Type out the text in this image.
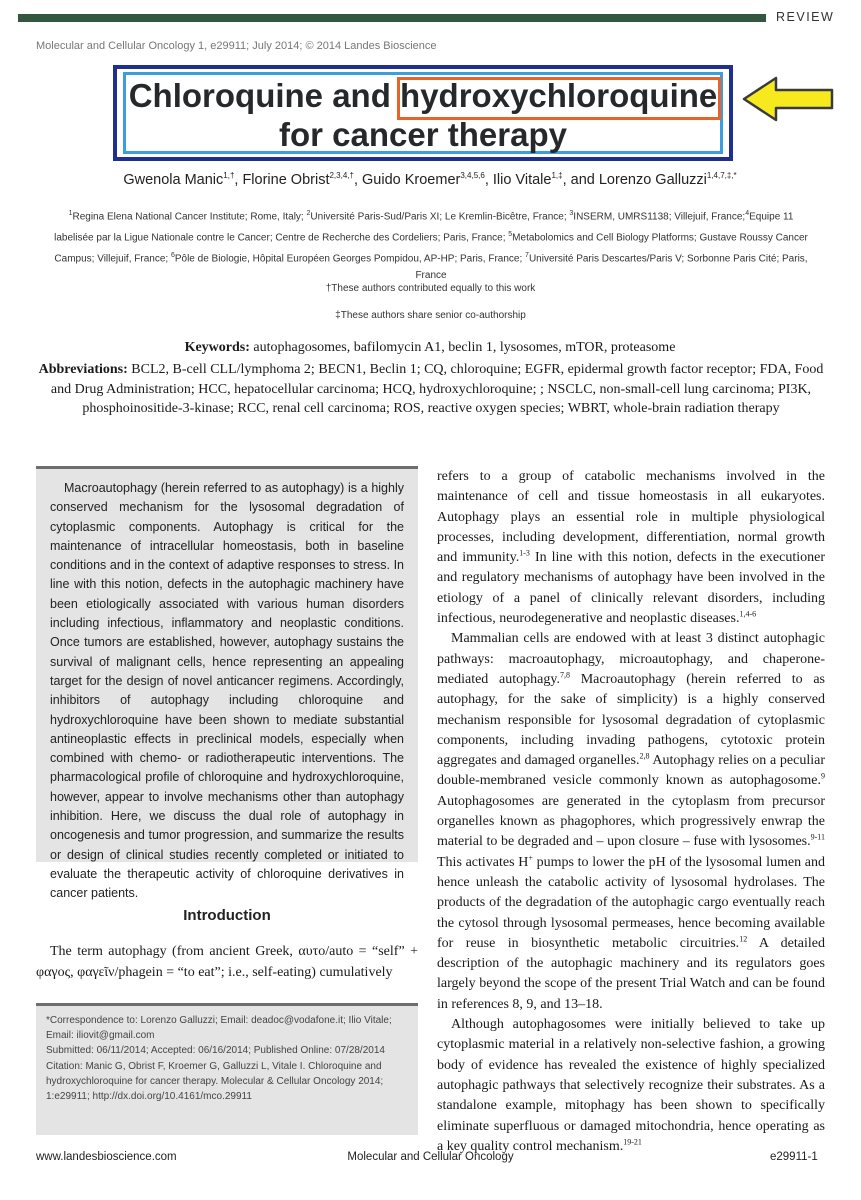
REVIEW
Molecular and Cellular Oncology 1, e29911; July 2014; © 2014 Landes Bioscience
Chloroquine and hydroxychloroquine
for cancer therapy
Gwenola Manic$^{1,\dagger}$, Florine Obrist$^{2,3,4,\dagger}$, Guido Kroemer$^{3,4,5,6}$, Ilio Vitale$^{1,\ddagger}$, and Lorenzo Galluzzi$^{1,4,7,\ddagger,*}$
$^1$Regina Elena National Cancer Institute; Rome, Italy; $^2$Université Paris-Sud/Paris XI; Le Kremlin-Bicêtre, France; $^3$INSERM, UMRS1138; Villejuif, France;$^4$Equipe 11 labelisée par la Ligue Nationale contre le Cancer; Centre de Recherche des Cordeliers; Paris, France; $^5$Metabolomics and Cell Biology Platforms; Gustave Roussy Cancer Campus; Villejuif, France; $^6$Pôle de Biologie, Hôpital Européen Georges Pompidou, AP-HP; Paris, France; $^7$Université Paris Descartes/Paris V; Sorbonne Paris Cité; Paris, France
†These authors contributed equally to this work
‡These authors share senior co-authorship
Keywords: autophagosomes, bafilomycin A1, beclin 1, lysosomes, mTOR, proteasome
Abbreviations: BCL2, B-cell CLL/lymphoma 2; BECN1, Beclin 1; CQ, chloroquine; EGFR, epidermal growth factor receptor; FDA, Food and Drug Administration; HCC, hepatocellular carcinoma; HCQ, hydroxychloroquine; ; NSCLC, non-small-cell lung carcinoma; PI3K, phosphoinositide-3-kinase; RCC, renal cell carcinoma; ROS, reactive oxygen species; WBRT, whole-brain radiation therapy
Macroautophagy (herein referred to as autophagy) is a highly conserved mechanism for the lysosomal degradation of cytoplasmic components. Autophagy is critical for the maintenance of intracellular homeostasis, both in baseline conditions and in the context of adaptive responses to stress. In line with this notion, defects in the autophagic machinery have been etiologically associated with various human disorders including infectious, inflammatory and neoplastic conditions. Once tumors are established, however, autophagy sustains the survival of malignant cells, hence representing an appealing target for the design of novel anticancer regimens. Accordingly, inhibitors of autophagy including chloroquine and hydroxychloroquine have been shown to mediate substantial antineoplastic effects in preclinical models, especially when combined with chemo- or radiotherapeutic interventions. The pharmacological profile of chloroquine and hydroxychloroquine, however, appear to involve mechanisms other than autophagy inhibition. Here, we discuss the dual role of autophagy in oncogenesis and tumor progression, and summarize the results or design of clinical studies recently completed or initiated to evaluate the therapeutic activity of chloroquine derivatives in cancer patients.
Introduction
The term autophagy (from ancient Greek, αυτο/auto = “self” + φαγος, φαγεῖν/phagein = “to eat”; i.e., self-eating) cumulatively
*Correspondence to: Lorenzo Galluzzi; Email: deadoc@vodafone.it; Ilio Vitale; Email: iliovit@gmail.com
Submitted: 06/11/2014; Accepted: 06/16/2014; Published Online: 07/28/2014
Citation: Manic G, Obrist F, Kroemer G, Galluzzi L, Vitale I. Chloroquine and hydroxychloroquine for cancer therapy. Molecular & Cellular Oncology 2014; 1:e29911; http://dx.doi.org/10.4161/mco.29911

refers to a group of catabolic mechanisms involved in the maintenance of cell and tissue homeostasis in all eukaryotes. Autophagy plays an essential role in multiple physiological processes, including development, differentiation, normal growth and immunity.$^{1-3}$ In line with this notion, defects in the executioner and regulatory mechanisms of autophagy have been involved in the etiology of a panel of clinically relevant disorders, including infectious, neurodegenerative and neoplastic diseases.$^{1,4-6}$

Mammalian cells are endowed with at least 3 distinct autophagic pathways: macroautophagy, microautophagy, and chaperone-mediated autophagy.$^{7,8}$ Macroautophagy (herein referred to as autophagy, for the sake of simplicity) is a highly conserved mechanism responsible for lysosomal degradation of cytoplasmic components, including invading pathogens, cytotoxic protein aggregates and damaged organelles.$^{2,8}$ Autophagy relies on a peculiar double-membraned vesicle commonly known as autophagosome.$^9$ Autophagosomes are generated in the cytoplasm from precursor organelles known as phagophores, which progressively enwrap the material to be degraded and – upon closure – fuse with lysosomes.$^{9-11}$ This activates H+ pumps to lower the pH of the lysosomal lumen and hence unleash the catabolic activity of lysosomal hydrolases. The products of the degradation of the autophagic cargo eventually reach the cytosol through lysosomal permeases, hence becoming available for reuse in biosynthetic metabolic circuitries.$^{12}$ A detailed description of the autophagic machinery and its regulators goes largely beyond the scope of the present Trial Watch and can be found in references 8, 9, and 13–18.

Although autophagosomes were initially believed to take up cytoplasmic material in a relatively non-selective fashion, a growing body of evidence has revealed the existence of highly specialized autophagic pathways that selectively recognize their substrates. As a standalone example, mitophagy has been shown to specifically eliminate superfluous or damaged mitochondria, hence operating as a key quality control mechanism.$^{19-21}$

www.landesbioscience.com	Molecular and Cellular Oncology	e29911-1
